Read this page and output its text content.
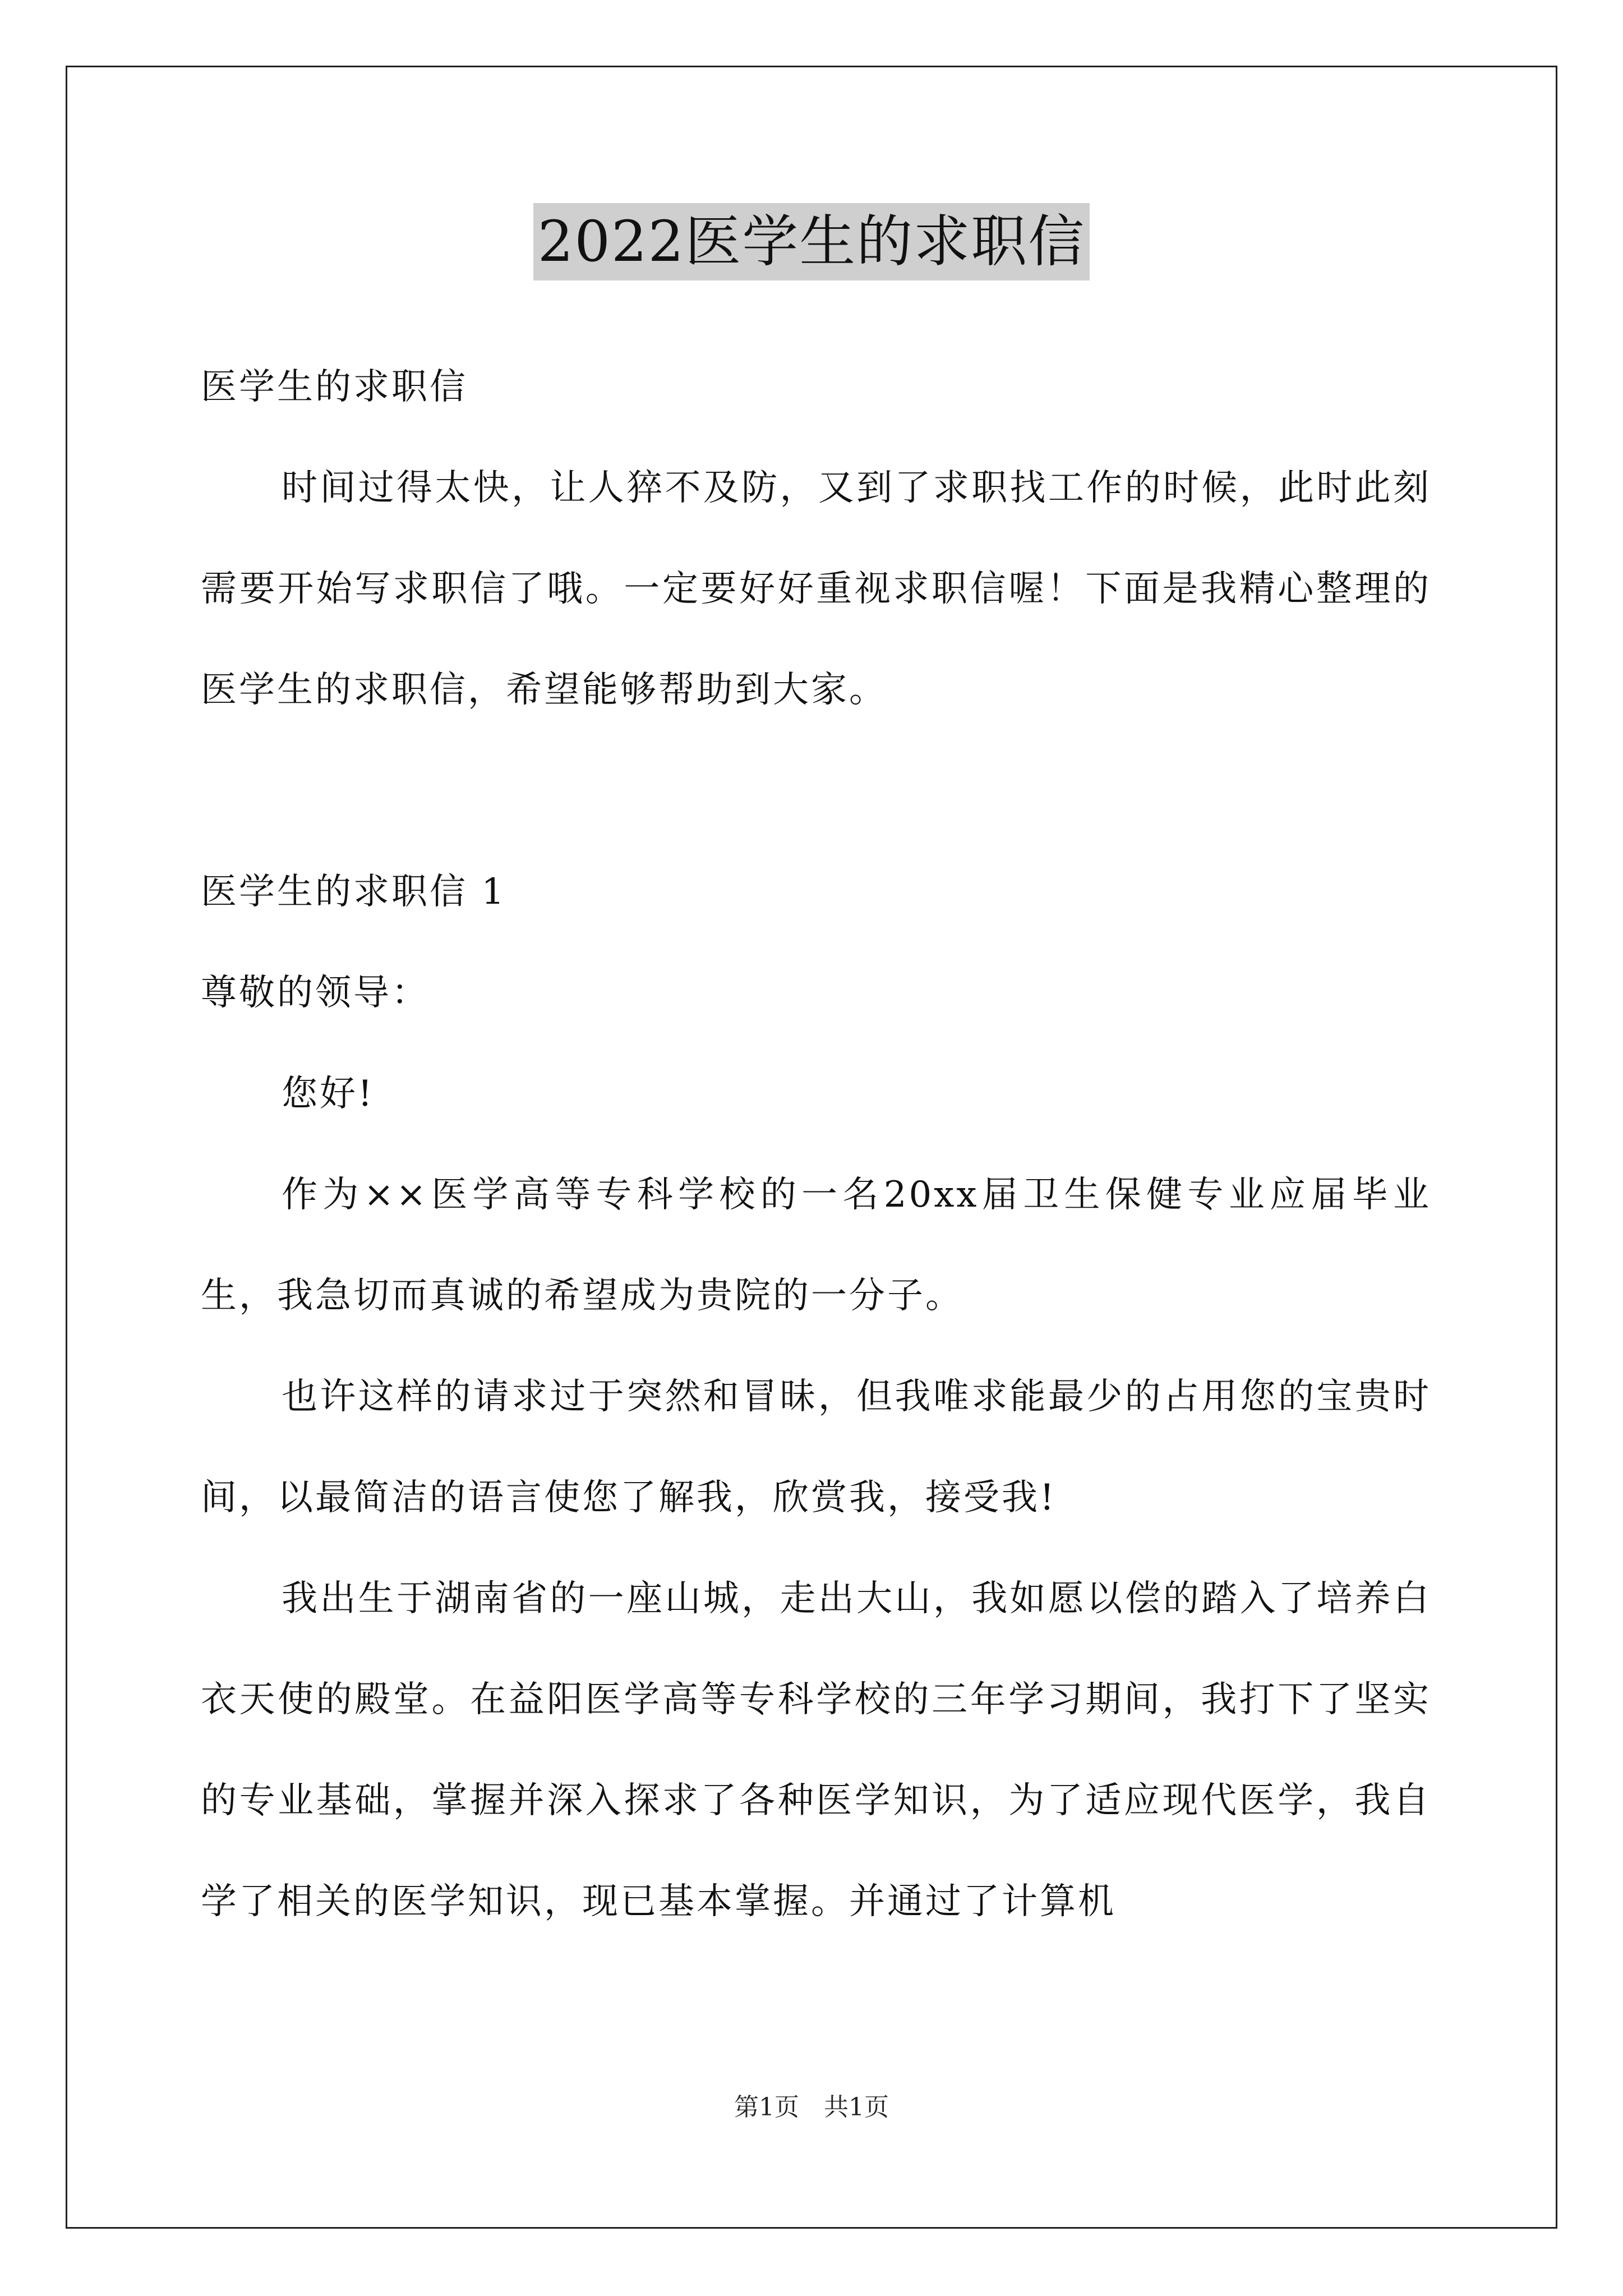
2022医学生的求职信

医学生的求职信

时间过得太快，让人猝不及防，又到了求职找工作的时候，此时此刻需要开始写求职信了哦。一定要好好重视求职信喔！下面是我精心整理的医学生的求职信，希望能够帮助到大家。

医学生的求职信 1

尊敬的领导：

您好!

作为××医学高等专科学校的一名20xx届卫生保健专业应届毕业生，我急切而真诚的希望成为贵院的一分子。

也许这样的请求过于突然和冒昧，但我唯求能最少的占用您的宝贵时间，以最简洁的语言使您了解我，欣赏我，接受我!

我出生于湖南省的一座山城，走出大山，我如愿以偿的踏入了培养白衣天使的殿堂。在益阳医学高等专科学校的三年学习期间，我打下了坚实的专业基础，掌握并深入探求了各种医学知识，为了适应现代医学，我自学了相关的医学知识，现已基本掌握。并通过了计算机

第1页　共1页
